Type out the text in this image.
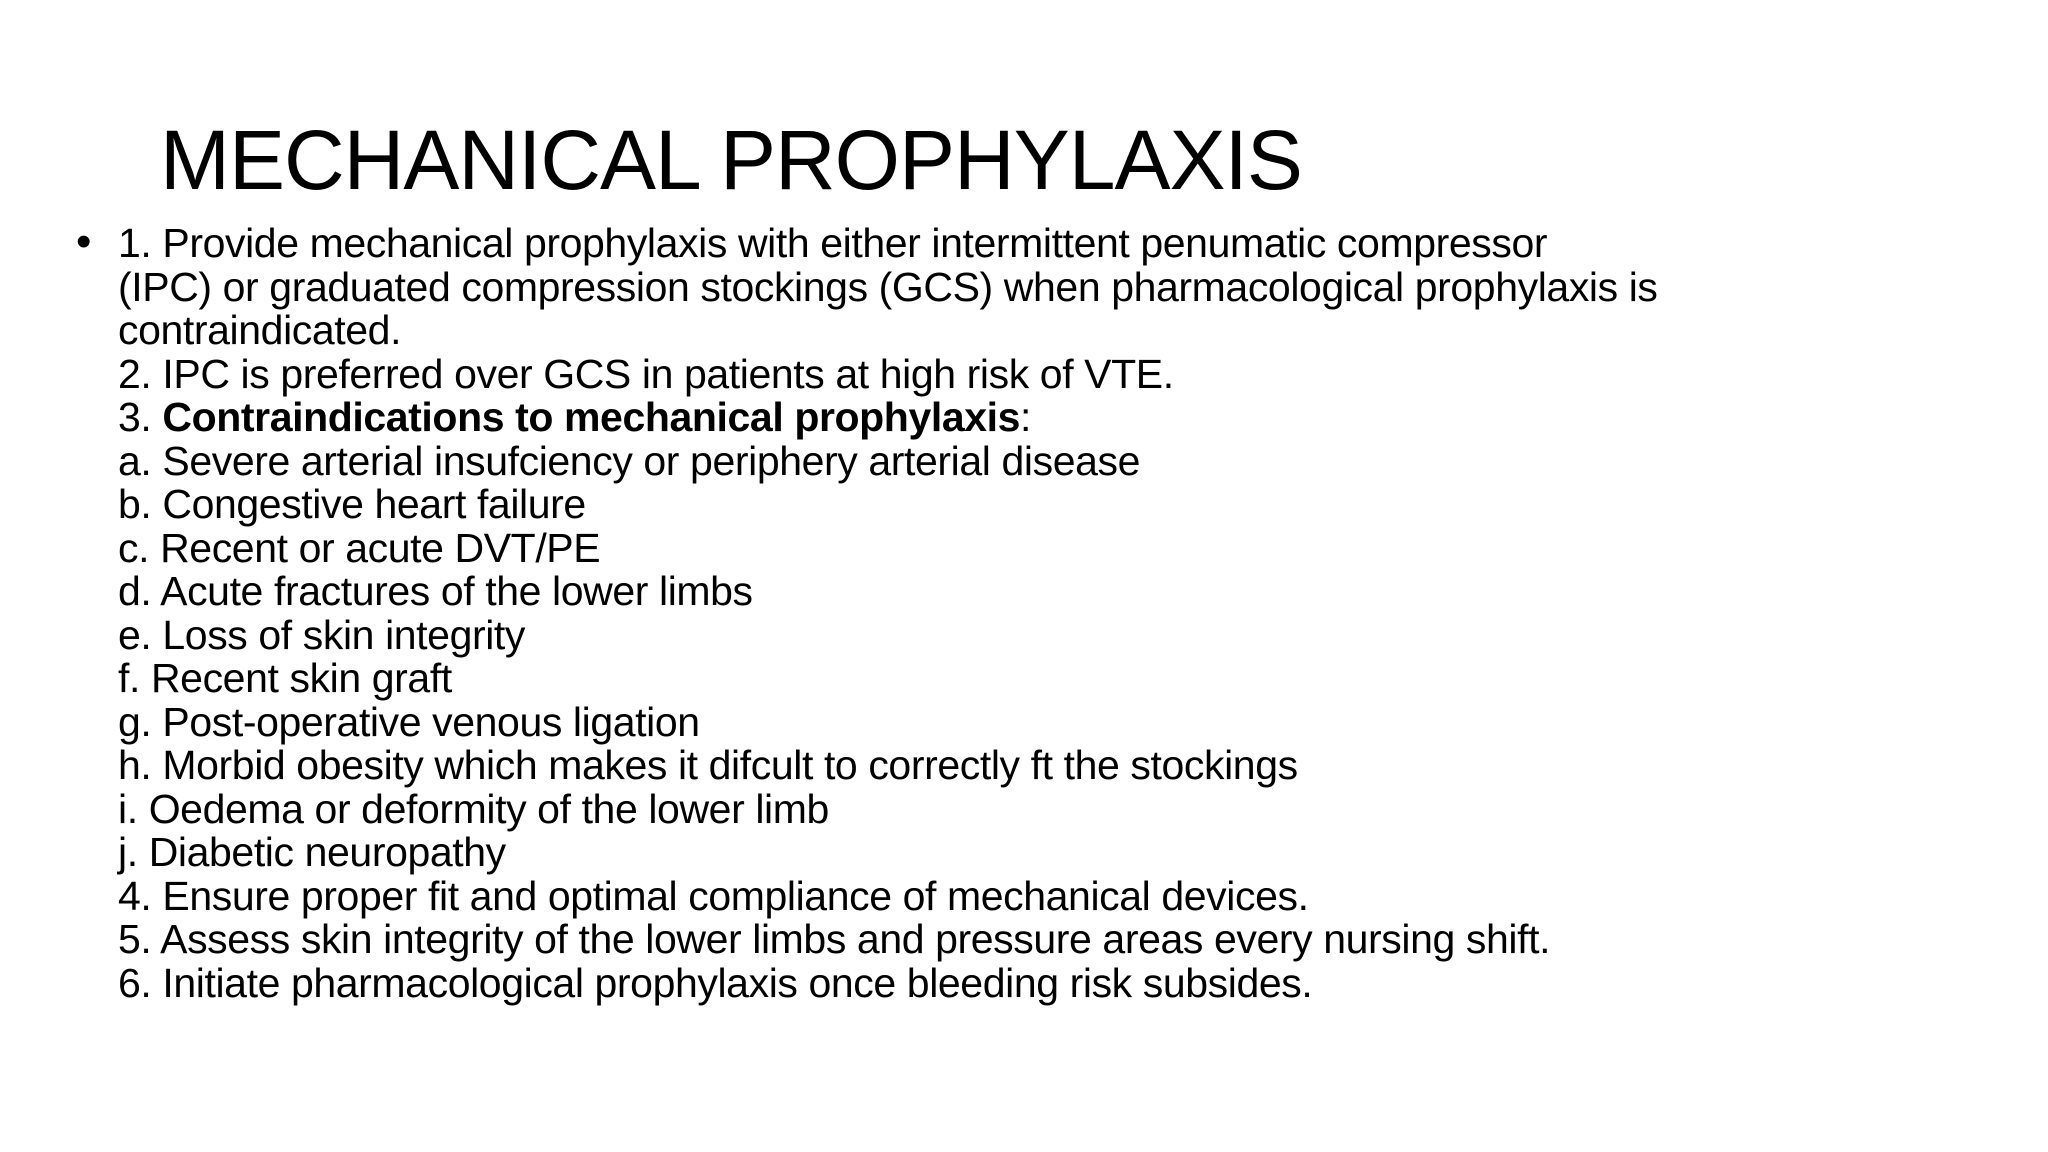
MECHANICAL PROPHYLAXIS
• 1. Provide mechanical prophylaxis with either intermittent penumatic compressor
(IPC) or graduated compression stockings (GCS) when pharmacological prophylaxis is
contraindicated.
2. IPC is preferred over GCS in patients at high risk of VTE.
3. Contraindications to mechanical prophylaxis:
a. Severe arterial insufciency or periphery arterial disease
b. Congestive heart failure
c. Recent or acute DVT/PE
d. Acute fractures of the lower limbs
e. Loss of skin integrity
f. Recent skin graft
g. Post-operative venous ligation
h. Morbid obesity which makes it difcult to correctly ft the stockings
i. Oedema or deformity of the lower limb
j. Diabetic neuropathy
4. Ensure proper fit and optimal compliance of mechanical devices.
5. Assess skin integrity of the lower limbs and pressure areas every nursing shift.
6. Initiate pharmacological prophylaxis once bleeding risk subsides.
